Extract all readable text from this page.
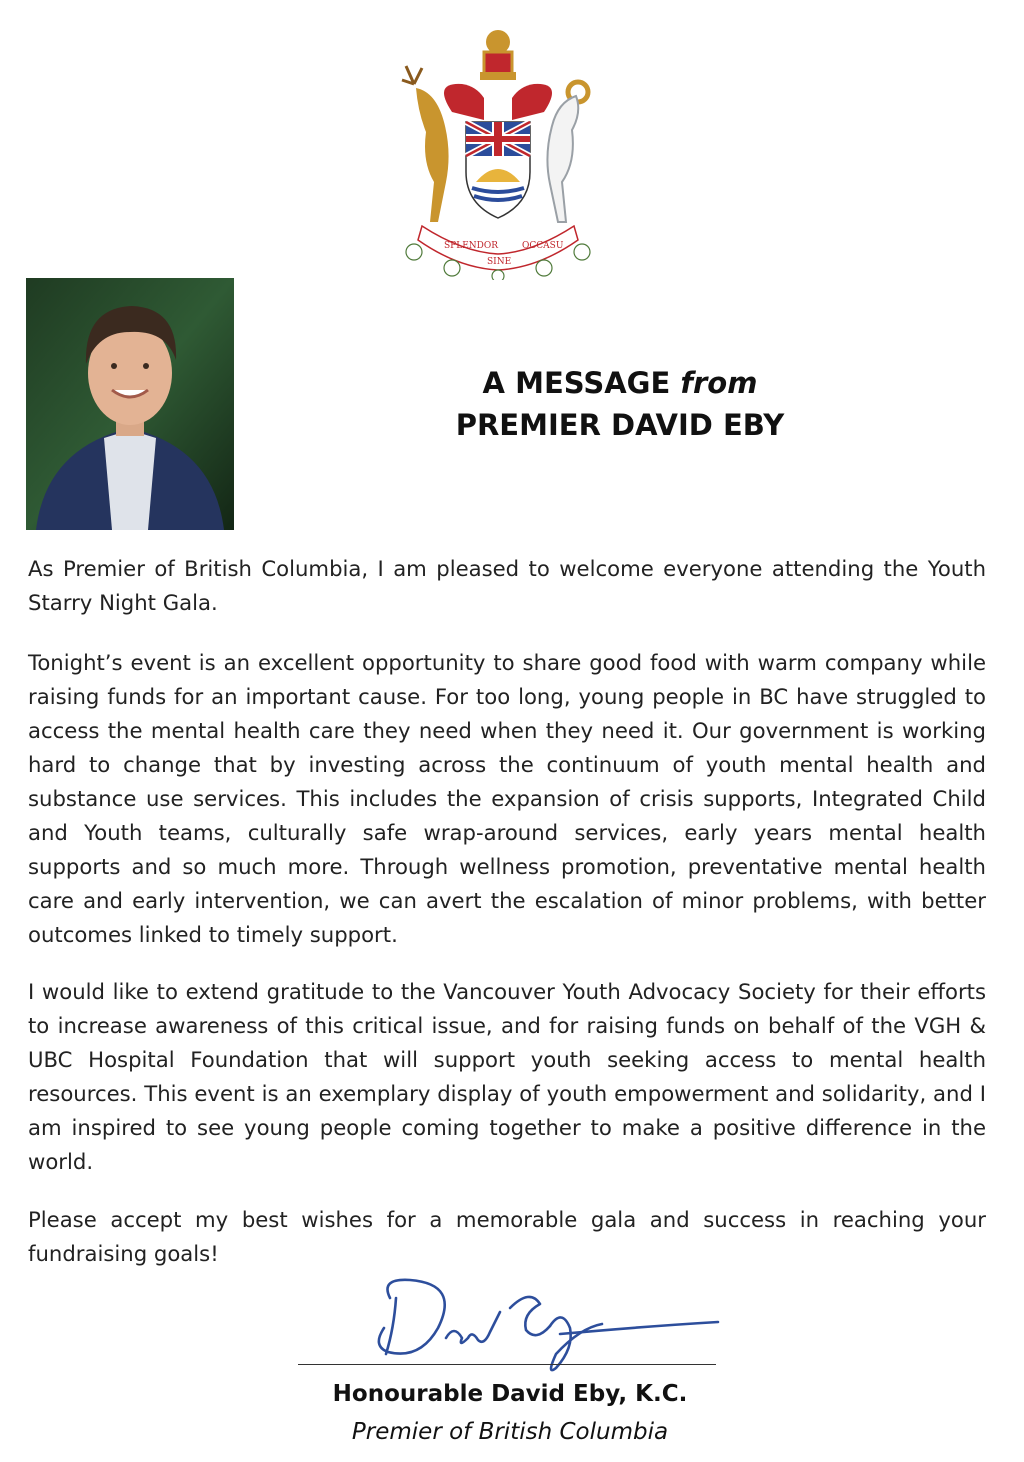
SPLENDOR
SINE
OCCASU
A MESSAGE from
PREMIER DAVID EBY

As Premier of British Columbia, I am pleased to welcome everyone attending the Youth Starry Night Gala.

Tonight’s event is an excellent opportunity to share good food with warm company while raising funds for an important cause. For too long, young people in BC have struggled to access the mental health care they need when they need it. Our government is working hard to change that by investing across the continuum of youth mental health and substance use services. This includes the expansion of crisis supports, Integrated Child and Youth teams, culturally safe wrap-around services, early years mental health supports and so much more. Through wellness promotion, preventative mental health care and early intervention, we can avert the escalation of minor problems, with better outcomes linked to timely support.

I would like to extend gratitude to the Vancouver Youth Advocacy Society for their efforts to increase awareness of this critical issue, and for raising funds on behalf of the VGH & UBC Hospital Foundation that will support youth seeking access to mental health resources. This event is an exemplary display of youth empowerment and solidarity, and I am inspired to see young people coming together to make a positive difference in the world.

Please accept my best wishes for a memorable gala and success in reaching your fundraising goals!

Honourable David Eby, K.C.
Premier of British Columbia
